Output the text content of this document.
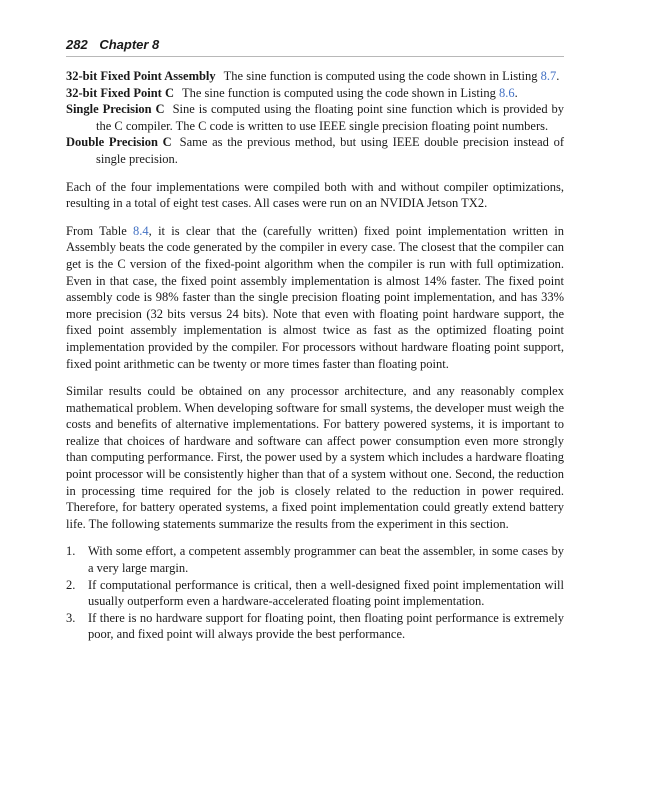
282 Chapter 8
32-bit Fixed Point Assembly The sine function is computed using the code shown in Listing 8.7.
32-bit Fixed Point C The sine function is computed using the code shown in Listing 8.6.
Single Precision C Sine is computed using the floating point sine function which is provided by the C compiler. The C code is written to use IEEE single precision floating point numbers.
Double Precision C Same as the previous method, but using IEEE double precision instead of single precision.

Each of the four implementations were compiled both with and without compiler optimizations, resulting in a total of eight test cases. All cases were run on an NVIDIA Jetson TX2.

From Table 8.4, it is clear that the (carefully written) fixed point implementation written in Assembly beats the code generated by the compiler in every case. The closest that the compiler can get is the C version of the fixed-point algorithm when the compiler is run with full optimization. Even in that case, the fixed point assembly implementation is almost 14% faster. The fixed point assembly code is 98% faster than the single precision floating point implementation, and has 33% more precision (32 bits versus 24 bits). Note that even with floating point hardware support, the fixed point assembly implementation is almost twice as fast as the optimized floating point implementation provided by the compiler. For processors without hardware floating point support, fixed point arithmetic can be twenty or more times faster than floating point.

Similar results could be obtained on any processor architecture, and any reasonably complex mathematical problem. When developing software for small systems, the developer must weigh the costs and benefits of alternative implementations. For battery powered systems, it is important to realize that choices of hardware and software can affect power consumption even more strongly than computing performance. First, the power used by a system which includes a hardware floating point processor will be consistently higher than that of a system without one. Second, the reduction in processing time required for the job is closely related to the reduction in power required. Therefore, for battery operated systems, a fixed point implementation could greatly extend battery life. The following statements summarize the results from the experiment in this section.

1. With some effort, a competent assembly programmer can beat the assembler, in some cases by a very large margin.
2. If computational performance is critical, then a well-designed fixed point implementation will usually outperform even a hardware-accelerated floating point implementation.
3. If there is no hardware support for floating point, then floating point performance is extremely poor, and fixed point will always provide the best performance.
